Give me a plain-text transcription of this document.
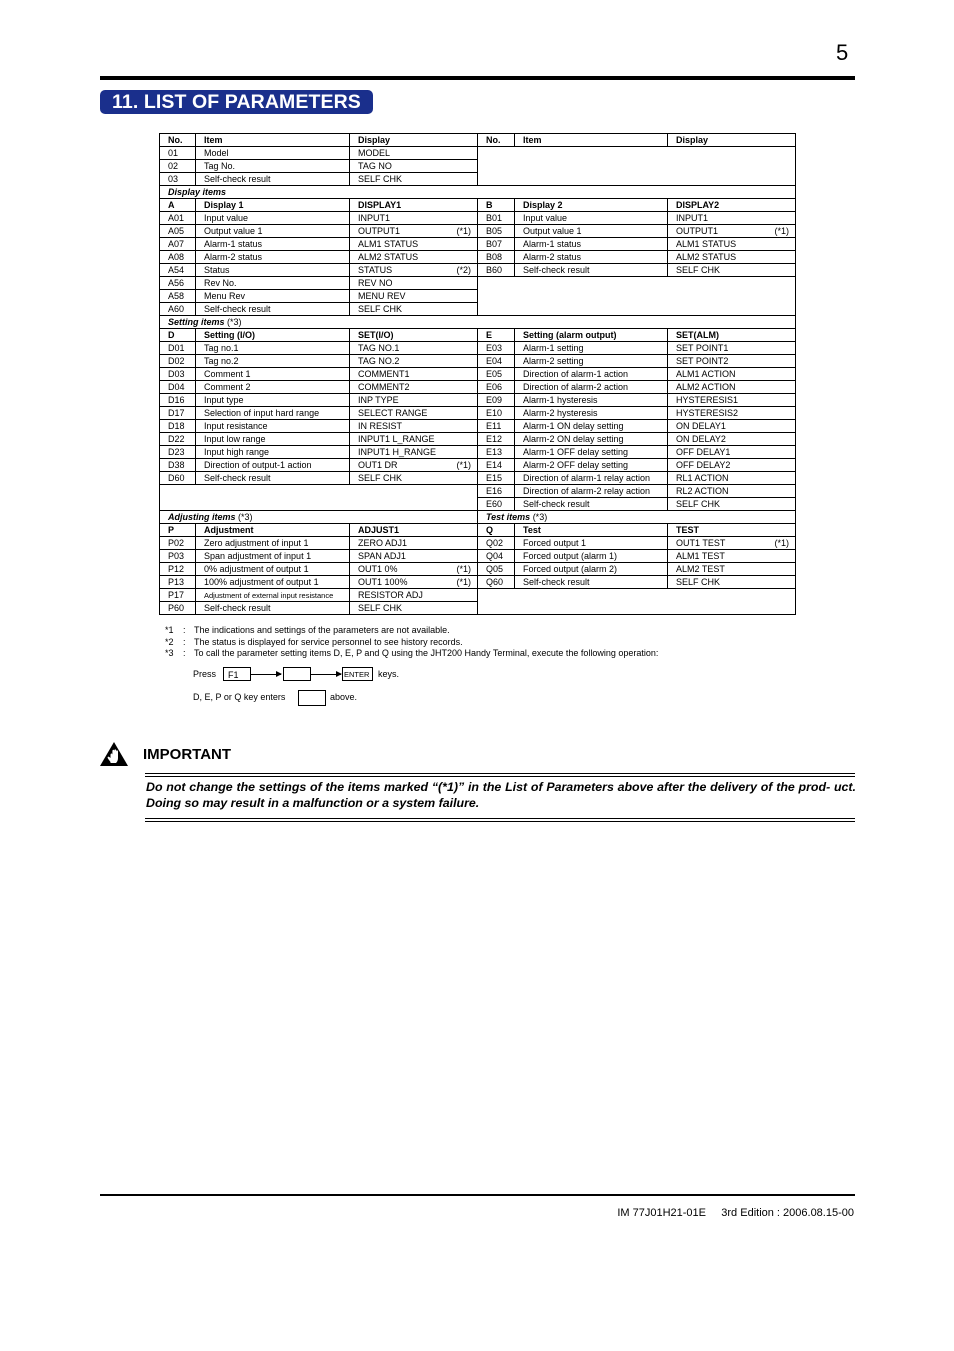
5
11. LIST OF PARAMETERS
No.	Item	Display	No.	Item	Display
01	Model	MODEL			
02	Tag No.	TAG NO			
03	Self-check result	SELF CHK			
Display items					
A	Display 1	DISPLAY1	B	Display 2	DISPLAY2
A01	Input value	INPUT1	B01	Input value	INPUT1
A05	Output value 1	OUTPUT1 (*1)	B05	Output value 1	OUTPUT1 (*1)

A07	Alarm-1 status	ALM1 STATUS	B07	Alarm-1 status	ALM1 STATUS
A08	Alarm-2 status	ALM2 STATUS	B08	Alarm-2 status	ALM2 STATUS
A54	Status	STATUS (*2)	B60	Self-check result	SELF CHK
A56	Rev No.	REV NO			
A58	Menu Rev	MENU REV			
A60	Self-check result	SELF CHK			
Setting items (*3)					
D	Setting (I/O)	SET(I/O)	E	Setting (alarm output)	SET(ALM)
D01	Tag no.1	TAG NO.1	E03	Alarm-1 setting	SET POINT1
D02	Tag no.2	TAG NO.2	E04	Alarm-2 setting	SET POINT2
D03	Comment 1	COMMENT1	E05	Direction of alarm-1 action	ALM1 ACTION
D04	Comment 2	COMMENT2	E06	Direction of alarm-2 action	ALM2 ACTION
D16	Input type	INP TYPE	E09	Alarm-1 hysteresis	HYSTERESIS1
D17	Selection of input hard range	SELECT RANGE	E10	Alarm-2 hysteresis	HYSTERESIS2
D18	Input resistance	IN RESIST	E11	Alarm-1 ON delay setting	ON DELAY1
D22	Input low range	INPUT1 L_RANGE	E12	Alarm-2 ON delay setting	ON DELAY2
D23	Input high range	INPUT1 H_RANGE	E13	Alarm-1 OFF delay setting	OFF DELAY1
D38	Direction of output-1 action	OUT1 DR (*1)	E14	Alarm-2 OFF delay setting	OFF DELAY2
D60	Self-check result	SELF CHK	E15	Direction of alarm-1 relay action	RL1 ACTION
			E16	Direction of alarm-2 relay action	RL2 ACTION
			E60	Self-check result	SELF CHK
Adjusting items (*3)			Test items (*3)		
P	Adjustment	ADJUST1	Q	Test	TEST
P02	Zero adjustment of input 1	ZERO ADJ1	Q02	Forced output 1	OUT1 TEST (*1)

P03	Span adjustment of input 1	SPAN ADJ1	Q04	Forced output (alarm 1)	ALM1 TEST
P12	0% adjustment of output 1	OUT1 0% (*1)	Q05	Forced output (alarm 2)	ALM2 TEST
P13	100% adjustment of output 1	OUT1 100% (*1)	Q60	Self-check result	SELF CHK
P17	Adjustment of external input resistance	RESISTOR ADJ			
P60	Self-check result	SELF CHK			
*1 : The indications and settings of the parameters are not available.
*2 : The status is displayed for service personnel to see history records.
*3 : To call the parameter setting items D, E, P and Q using the JHT200 Handy Terminal, execute the following operation:
Press	F1	ENTER keys.
D, E, P or Q key enters	above.
IMPORTANT
Do not change the settings of the items marked “(*1)” in the List of Parameters above after the delivery of the prod- uct. Doing so may result in a malfunction or a system failure.
IM 77J01H21-01E 3rd Edition : 2006.08.15-00
